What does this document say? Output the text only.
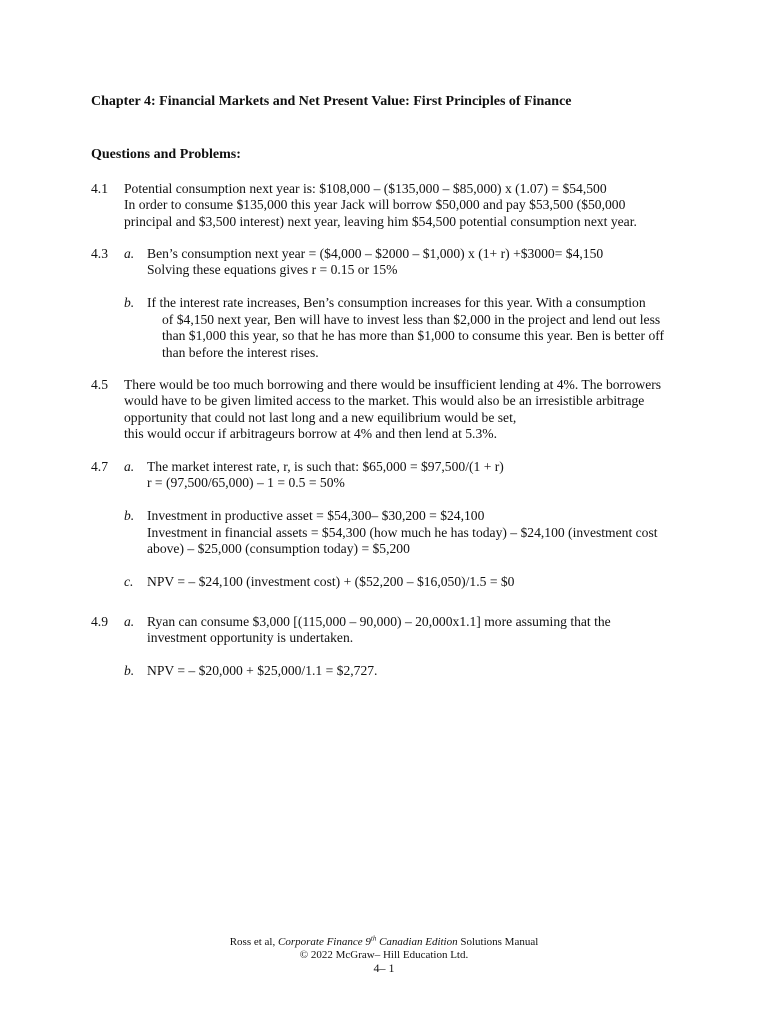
Chapter 4: Financial Markets and Net Present Value: First Principles of Finance
Questions and Problems:
4.1 Potential consumption next year is: $108,000 – ($135,000 – $85,000) x (1.07) = $54,500
In order to consume $135,000 this year Jack will borrow $50,000 and pay $53,500 ($50,000
principal and $3,500 interest) next year, leaving him $54,500 potential consumption next year.
4.3 a. Ben’s consumption next year = ($4,000 – $2000 – $1,000) x (1+ r) +$3000= $4,150
Solving these equations gives r = 0.15 or 15%
b. If the interest rate increases, Ben’s consumption increases for this year. With a consumption
of $4,150 next year, Ben will have to invest less than $2,000 in the project and lend out less
than $1,000 this year, so that he has more than $1,000 to consume this year. Ben is better off
than before the interest rises.
4.5 There would be too much borrowing and there would be insufficient lending at 4%. The borrowers
would have to be given limited access to the market. This would also be an irresistible arbitrage
opportunity that could not last long and a new equilibrium would be set,
this would occur if arbitrageurs borrow at 4% and then lend at 5.3%.
4.7 a. The market interest rate, r, is such that: $65,000 = $97,500/(1 + r)
r = (97,500/65,000) – 1 = 0.5 = 50%
b. Investment in productive asset = $54,300– $30,200 = $24,100
Investment in financial assets = $54,300 (how much he has today) – $24,100 (investment cost
above) – $25,000 (consumption today) = $5,200
c. NPV = – $24,100 (investment cost) + ($52,200 – $16,050)/1.5 = $0
4.9 a. Ryan can consume $3,000 [(115,000 – 90,000) – 20,000x1.1] more assuming that the
investment opportunity is undertaken.
b. NPV = – $20,000 + $25,000/1.1 = $2,727.
Ross et al, Corporate Finance 9th Canadian Edition Solutions Manual
© 2022 McGraw– Hill Education Ltd.
4– 1
